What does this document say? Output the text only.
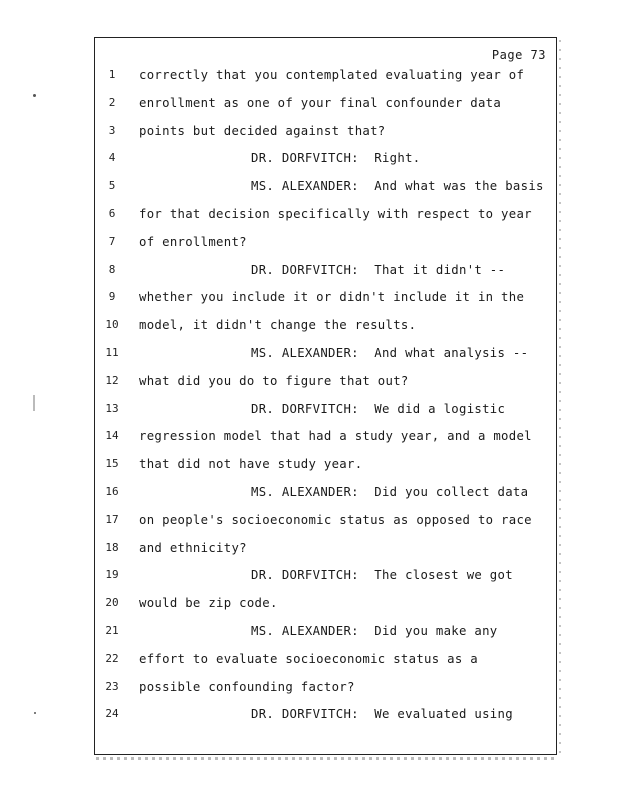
Page 73
1	correctly that you contemplated evaluating year of
2	enrollment as one of your final confounder data
3	points but decided against that?
4	DR. DORFVITCH:  Right.
5	MS. ALEXANDER:  And what was the basis
6	for that decision specifically with respect to year
7	of enrollment?
8	DR. DORFVITCH:  That it didn't --
9	whether you include it or didn't include it in the
10	model, it didn't change the results.
11	MS. ALEXANDER:  And what analysis --
12	what did you do to figure that out?
13	DR. DORFVITCH:  We did a logistic
14	regression model that had a study year, and a model
15	that did not have study year.
16	MS. ALEXANDER:  Did you collect data
17	on people's socioeconomic status as opposed to race
18	and ethnicity?
19	DR. DORFVITCH:  The closest we got
20	would be zip code.
21	MS. ALEXANDER:  Did you make any
22	effort to evaluate socioeconomic status as a
23	possible confounding factor?
24	DR. DORFVITCH:  We evaluated using
